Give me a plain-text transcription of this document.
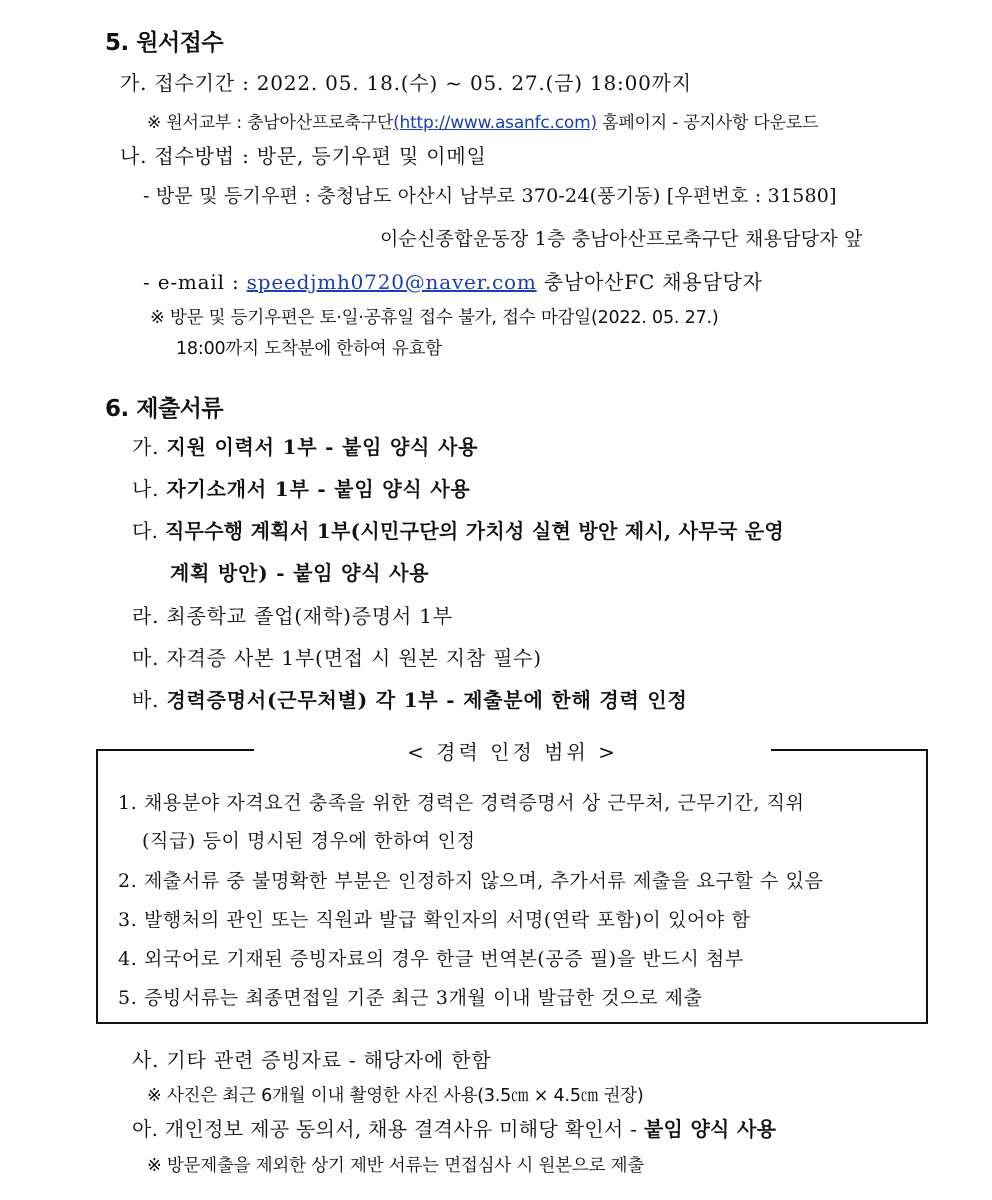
5. 원서접수
가. 접수기간 : 2022. 05. 18.(수) ~ 05. 27.(금) 18:00까지
※ 원서교부 : 충남아산프로축구단(http://www.asanfc.com) 홈페이지 - 공지사항 다운로드
나. 접수방법 : 방문, 등기우편 및 이메일
- 방문 및 등기우편 : 충청남도 아산시 남부로 370-24(풍기동) [우편번호 : 31580]
이순신종합운동장 1층 충남아산프로축구단 채용담당자 앞
- e-mail : speedjmh0720@naver.com 충남아산FC 채용담당자
※ 방문 및 등기우편은 토·일·공휴일 접수 불가, 접수 마감일(2022. 05. 27.)
18:00까지 도착분에 한하여 유효함
6. 제출서류
가. 지원 이력서 1부 - 붙임 양식 사용
나. 자기소개서 1부 - 붙임 양식 사용
다. 직무수행 계획서 1부(시민구단의 가치성 실현 방안 제시, 사무국 운영
계획 방안) - 붙임 양식 사용
라. 최종학교 졸업(재학)증명서 1부
마. 자격증 사본 1부(면접 시 원본 지참 필수)
바. 경력증명서(근무처별) 각 1부 - 제출분에 한해 경력 인정
< 경력 인정 범위 >
1. 채용분야 자격요건 충족을 위한 경력은 경력증명서 상 근무처, 근무기간, 직위
(직급) 등이 명시된 경우에 한하여 인정
2. 제출서류 중 불명확한 부분은 인정하지 않으며, 추가서류 제출을 요구할 수 있음
3. 발행처의 관인 또는 직원과 발급 확인자의 서명(연락 포함)이 있어야 함
4. 외국어로 기재된 증빙자료의 경우 한글 번역본(공증 필)을 반드시 첨부
5. 증빙서류는 최종면접일 기준 최근 3개월 이내 발급한 것으로 제출
사. 기타 관련 증빙자료 - 해당자에 한함
※ 사진은 최근 6개월 이내 촬영한 사진 사용(3.5㎝ × 4.5㎝ 권장)
아. 개인정보 제공 동의서, 채용 결격사유 미해당 확인서 - 붙임 양식 사용
※ 방문제출을 제외한 상기 제반 서류는 면접심사 시 원본으로 제출
